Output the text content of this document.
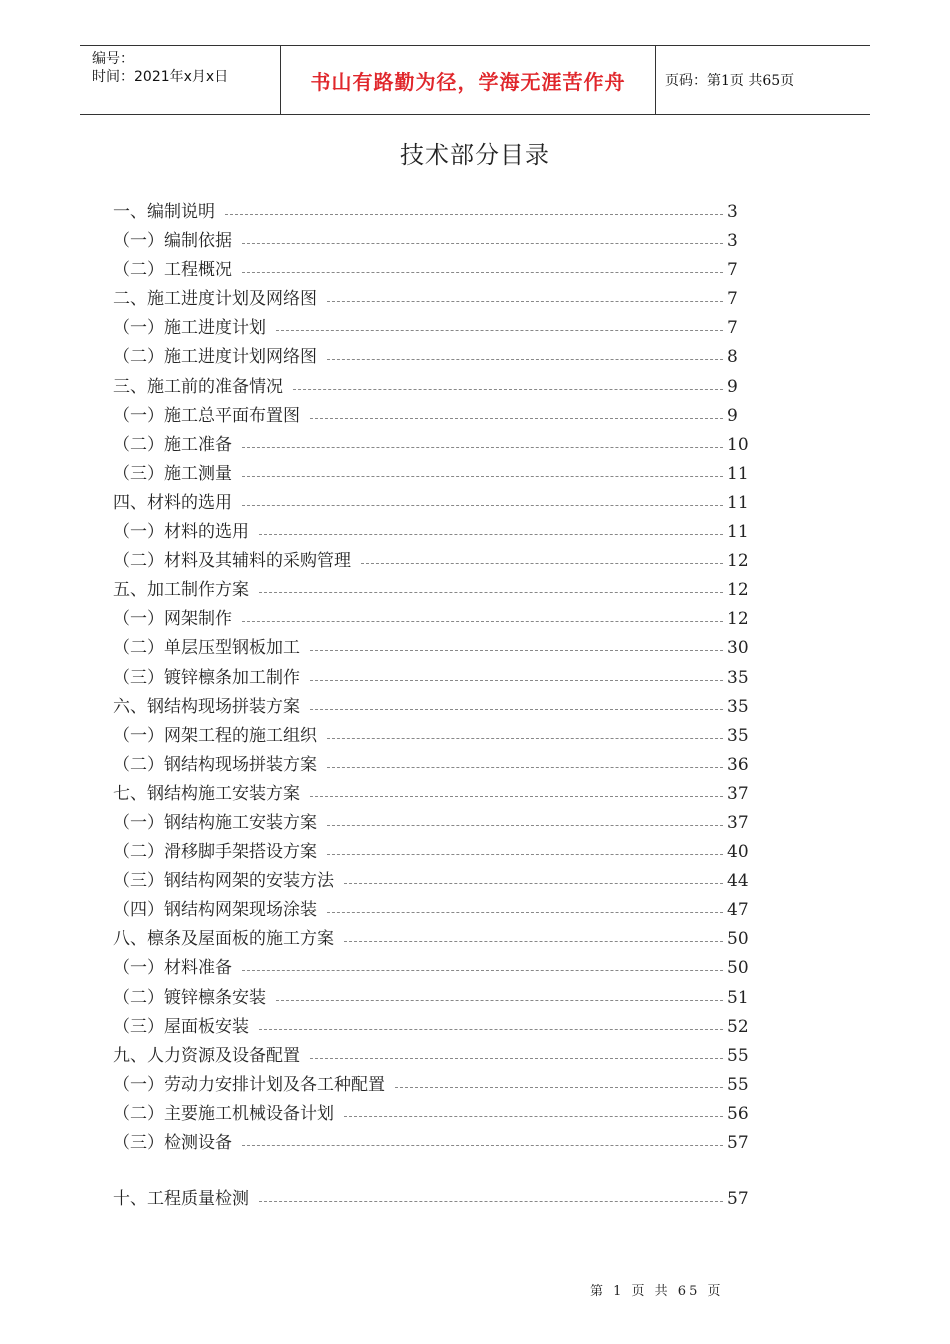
编号：
时间：2021年x月x日	书山有路勤为径，学海无涯苦作舟	页码：第1页 共65页
技术部分目录
一、编制说明	3
（一）编制依据	3
（二）工程概况	7
二、施工进度计划及网络图	7
（一）施工进度计划	7
（二）施工进度计划网络图	8
三、施工前的准备情况	9
（一）施工总平面布置图	9
（二）施工准备	10
（三）施工测量	11
四、材料的选用	11
（一）材料的选用	11
（二）材料及其辅料的采购管理	12
五、加工制作方案	12
（一）网架制作	12
（二）单层压型钢板加工	30
（三）镀锌檩条加工制作	35
六、钢结构现场拼装方案	35
（一）网架工程的施工组织	35
（二）钢结构现场拼装方案	36
七、钢结构施工安装方案	37
（一）钢结构施工安装方案	37
（二）滑移脚手架搭设方案	40
（三）钢结构网架的安装方法	44
（四）钢结构网架现场涂装	47
八、檩条及屋面板的施工方案	50
（一）材料准备	50
（二）镀锌檩条安装	51
（三）屋面板安装	52
九、人力资源及设备配置	55
（一）劳动力安排计划及各工种配置	55
（二）主要施工机械设备计划	56
（三）检测设备	57
十、工程质量检测	57
第 1 页 共 65 页
